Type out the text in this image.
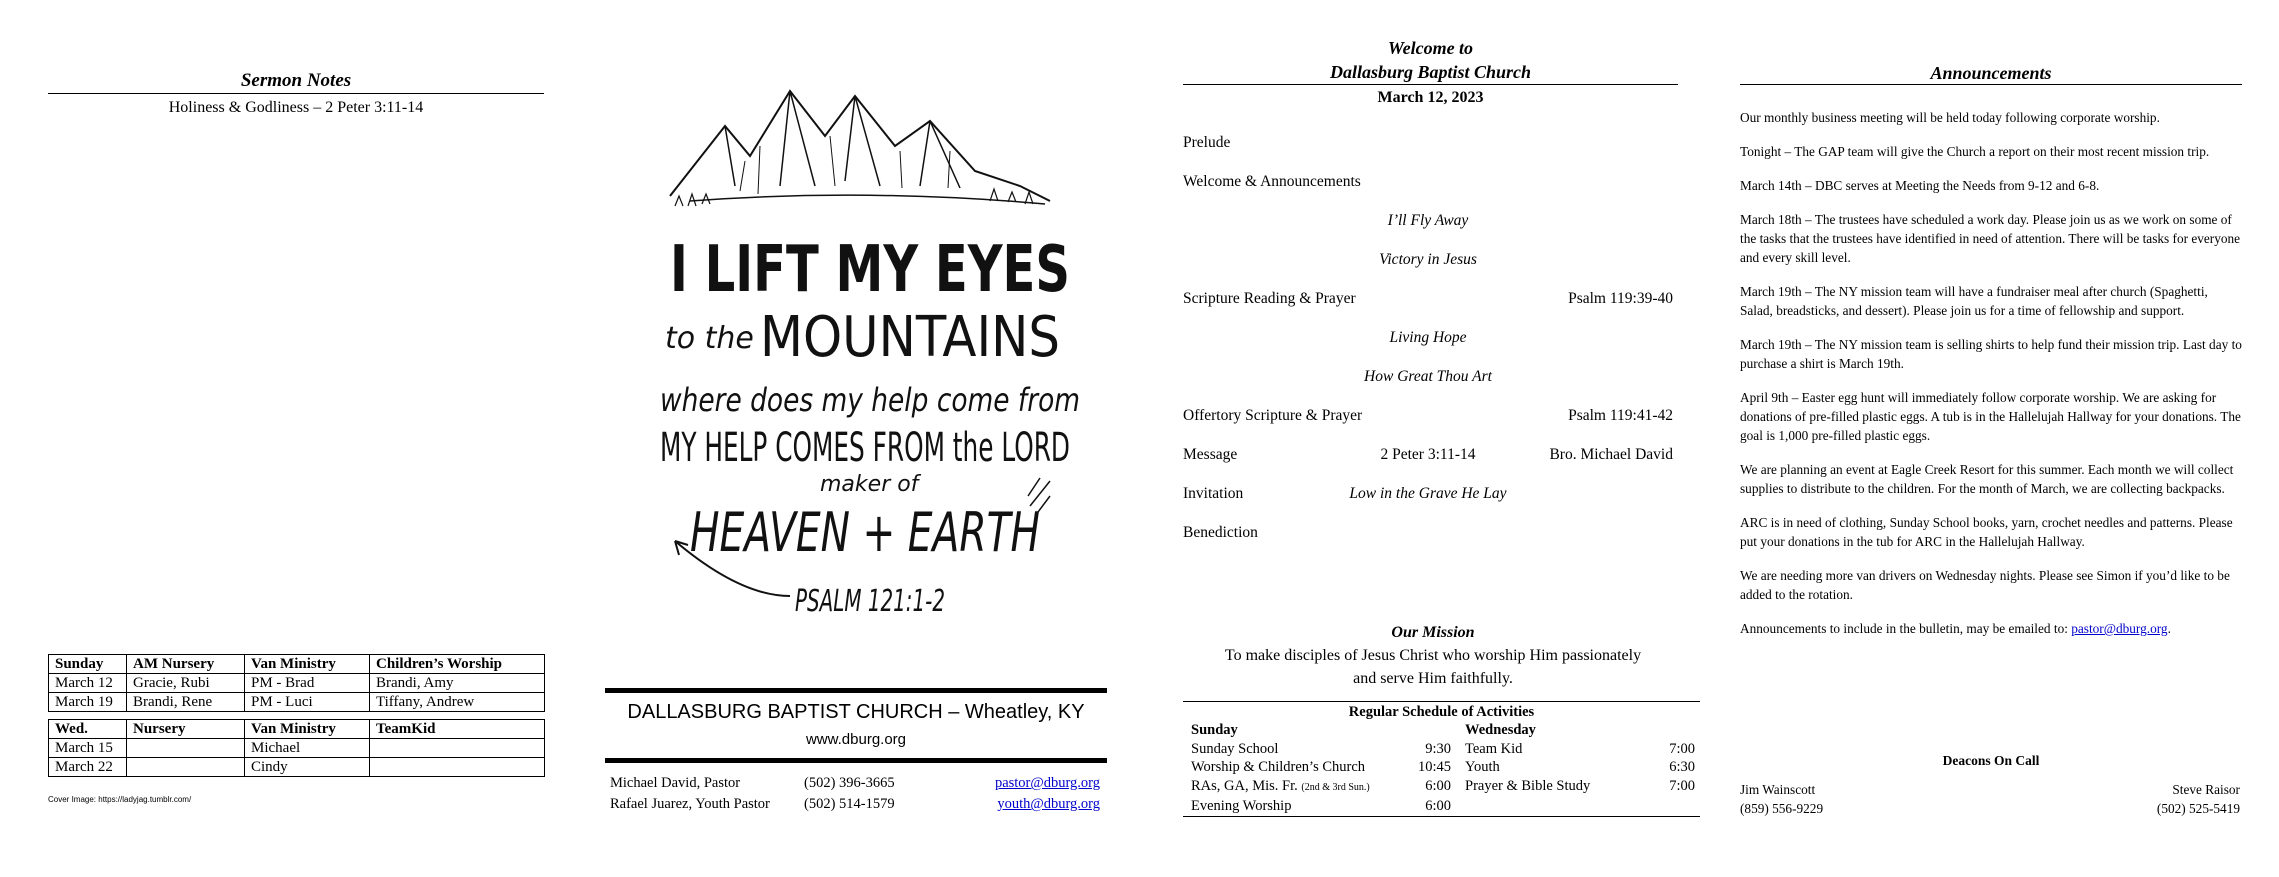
Sermon Notes
Holiness & Godliness – 2 Peter 3:11-14
Sunday	AM Nursery	Van Ministry	Children’s Worship
March 12	Gracie, Rubi	PM - Brad	Brandi, Amy
March 19	Brandi, Rene	PM - Luci	Tiffany, Andrew
Wed.	Nursery	Van Ministry	TeamKid
March 15		Michael	
March 22		Cindy	
Cover Image: https://ladyjag.tumblr.com/
I LIFT MY EYES
to the MOUNTAINS
where does my help come from
MY HELP COMES FROM the LORD
maker of
HEAVEN + EARTH
PSALM 121:1-2
DALLASBURG BAPTIST CHURCH – Wheatley, KY
www.dburg.org
Michael David, Pastor	(502) 396-3665	pastor@dburg.org
Rafael Juarez, Youth Pastor (502) 514-1579	youth@dburg.org
Welcome to
Dallasburg Baptist Church
March 12, 2023
Prelude
Welcome & Announcements
I’ll Fly Away
Victory in Jesus
Scripture Reading & Prayer	Psalm 119:39-40
Living Hope
How Great Thou Art
Offertory Scripture & Prayer	Psalm 119:41-42
Message	2 Peter 3:11-14	Bro. Michael David
Invitation	Low in the Grave He Lay
Benediction
Our Mission
To make disciples of Jesus Christ who worship Him passionately
and serve Him faithfully.
Regular Schedule of Activities
Sunday
Sunday School	9:30
Worship & Children’s Church	10:45
RAs, GA, Mis. Fr. (2nd & 3rd Sun.)	6:00
Evening Worship	6:00
Wednesday
Team Kid	7:00
Youth	6:30
Prayer & Bible Study	7:00
Announcements

Our monthly business meeting will be held today following corporate worship.

Tonight – The GAP team will give the Church a report on their most recent mission trip.

March 14th – DBC serves at Meeting the Needs from 9-12 and 6-8.

March 18th – The trustees have scheduled a work day. Please join us as we work on some of the tasks that the trustees have identified in need of attention. There will be tasks for everyone and every skill level.

March 19th – The NY mission team will have a fundraiser meal after church (Spaghetti, Salad, breadsticks, and dessert). Please join us for a time of fellowship and support.

March 19th – The NY mission team is selling shirts to help fund their mission trip. Last day to purchase a shirt is March 19th.

April 9th – Easter egg hunt will immediately follow corporate worship. We are asking for donations of pre-filled plastic eggs. A tub is in the Hallelujah Hallway for your donations. The goal is 1,000 pre-filled plastic eggs.

We are planning an event at Eagle Creek Resort for this summer. Each month we will collect supplies to distribute to the children. For the month of March, we are collecting backpacks.

ARC is in need of clothing, Sunday School books, yarn, crochet needles and patterns. Please put your donations in the tub for ARC in the Hallelujah Hallway.

We are needing more van drivers on Wednesday nights. Please see Simon if you’d like to be added to the rotation.

Announcements to include in the bulletin, may be emailed to: pastor@dburg.org.

Deacons On Call
Jim Wainscott	Steve Raisor
(859) 556-9229	(502) 525-5419
